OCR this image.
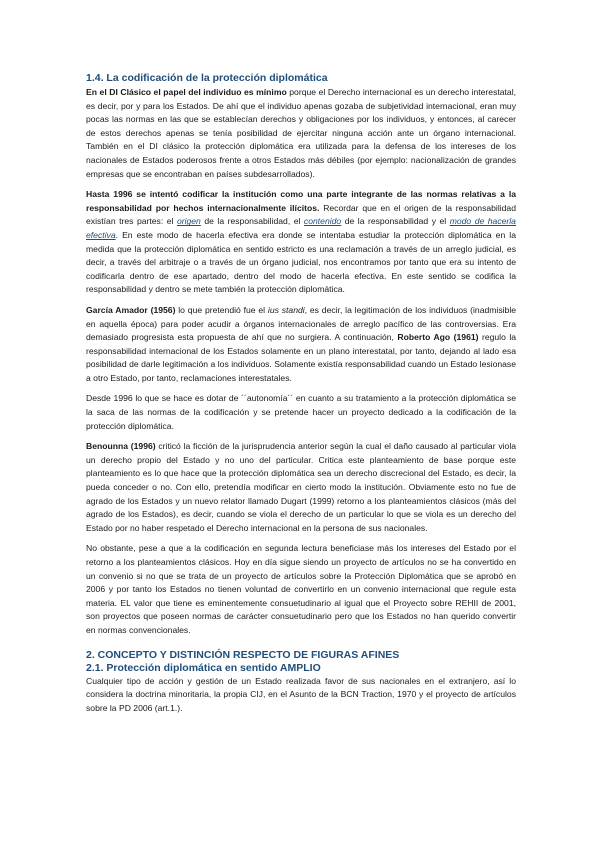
1.4. La codificación de la protección diplomática

En el DI Clásico el papel del individuo es mínimo porque el Derecho internacional es un derecho interestatal, es decir, por y para los Estados. De ahí que el individuo apenas gozaba de subjetividad internacional, eran muy pocas las normas en las que se establecían derechos y obligaciones por los individuos, y entonces, al carecer de estos derechos apenas se tenía posibilidad de ejercitar ninguna acción ante un órgano internacional. También en el DI clásico la protección diplomática era utilizada para la defensa de los intereses de los nacionales de Estados poderosos frente a otros Estados más débiles (por ejemplo: nacionalización de grandes empresas que se encontraban en países subdesarrollados).

Hasta 1996 se intentó codificar la institución como una parte integrante de las normas relativas a la responsabilidad por hechos internacionalmente ilícitos. Recordar que en el origen de la responsabilidad existían tres partes: el origen de la responsabilidad, el contenido de la responsabilidad y el modo de hacerla efectiva. En este modo de hacerla efectiva era donde se intentaba estudiar la protección diplomática en la medida que la protección diplomática en sentido estricto es una reclamación a través de un arreglo judicial, es decir, a través del arbitraje o a través de un órgano judicial, nos encontramos por tanto que era su intento de codificarla dentro de ese apartado, dentro del modo de hacerla efectiva. En este sentido se codifica la responsabilidad y dentro se mete también la protección diplomática.

García Amador (1956) lo que pretendió fue el ius standi, es decir, la legitimación de los individuos (inadmisible en aquella época) para poder acudir a órganos internacionales de arreglo pacífico de las controversias. Era demasiado progresista esta propuesta de ahí que no surgiera. A continuación, Roberto Ago (1961) regulo la responsabilidad internacional de los Estados solamente en un plano interestatal, por tanto, dejando al lado esa posibilidad de darle legitimación a los individuos. Solamente existía responsabilidad cuando un Estado lesionase a otro Estado, por tanto, reclamaciones interestatales.

Desde 1996 lo que se hace es dotar de ´´autonomía´´ en cuanto a su tratamiento a la protección diplomática se la saca de las normas de la codificación y se pretende hacer un proyecto dedicado a la codificación de la protección diplomática.

Benounna (1996) criticó la ficción de la jurisprudencia anterior según la cual el daño causado al particular viola un derecho propio del Estado y no uno del particular. Critica este planteamiento de base porque este planteamiento es lo que hace que la protección diplomática sea un derecho discrecional del Estado, es decir, la pueda conceder o no. Con ello, pretendía modificar en cierto modo la institución. Obviamente esto no fue de agrado de los Estados y un nuevo relator llamado Dugart (1999) retorno a los planteamientos clásicos (más del agrado de los Estados), es decir, cuando se viola el derecho de un particular lo que se viola es un derecho del Estado por no haber respetado el Derecho internacional en la persona de sus nacionales.

No obstante, pese a que a la codificación en segunda lectura beneficiase más los intereses del Estado por el retorno a los planteamientos clásicos. Hoy en día sigue siendo un proyecto de artículos no se ha convertido en un convenio si no que se trata de un proyecto de artículos sobre la Protección Diplomática que se aprobó en 2006 y por tanto los Estados no tienen voluntad de convertirlo en un convenio internacional que regule esta materia. EL valor que tiene es eminentemente consuetudinario al igual que el Proyecto sobre REHII de 2001, son proyectos que poseen normas de carácter consuetudinario pero que los Estados no han querido convertir en normas convencionales.

2. CONCEPTO Y DISTINCIÓN RESPECTO DE FIGURAS AFINES
2.1. Protección diplomática en sentido AMPLIO

Cualquier tipo de acción y gestión de un Estado realizada favor de sus nacionales en el extranjero, así lo considera la doctrina minoritaria, la propia CIJ, en el Asunto de la BCN Traction, 1970 y el proyecto de artículos sobre la PD 2006 (art.1.).
